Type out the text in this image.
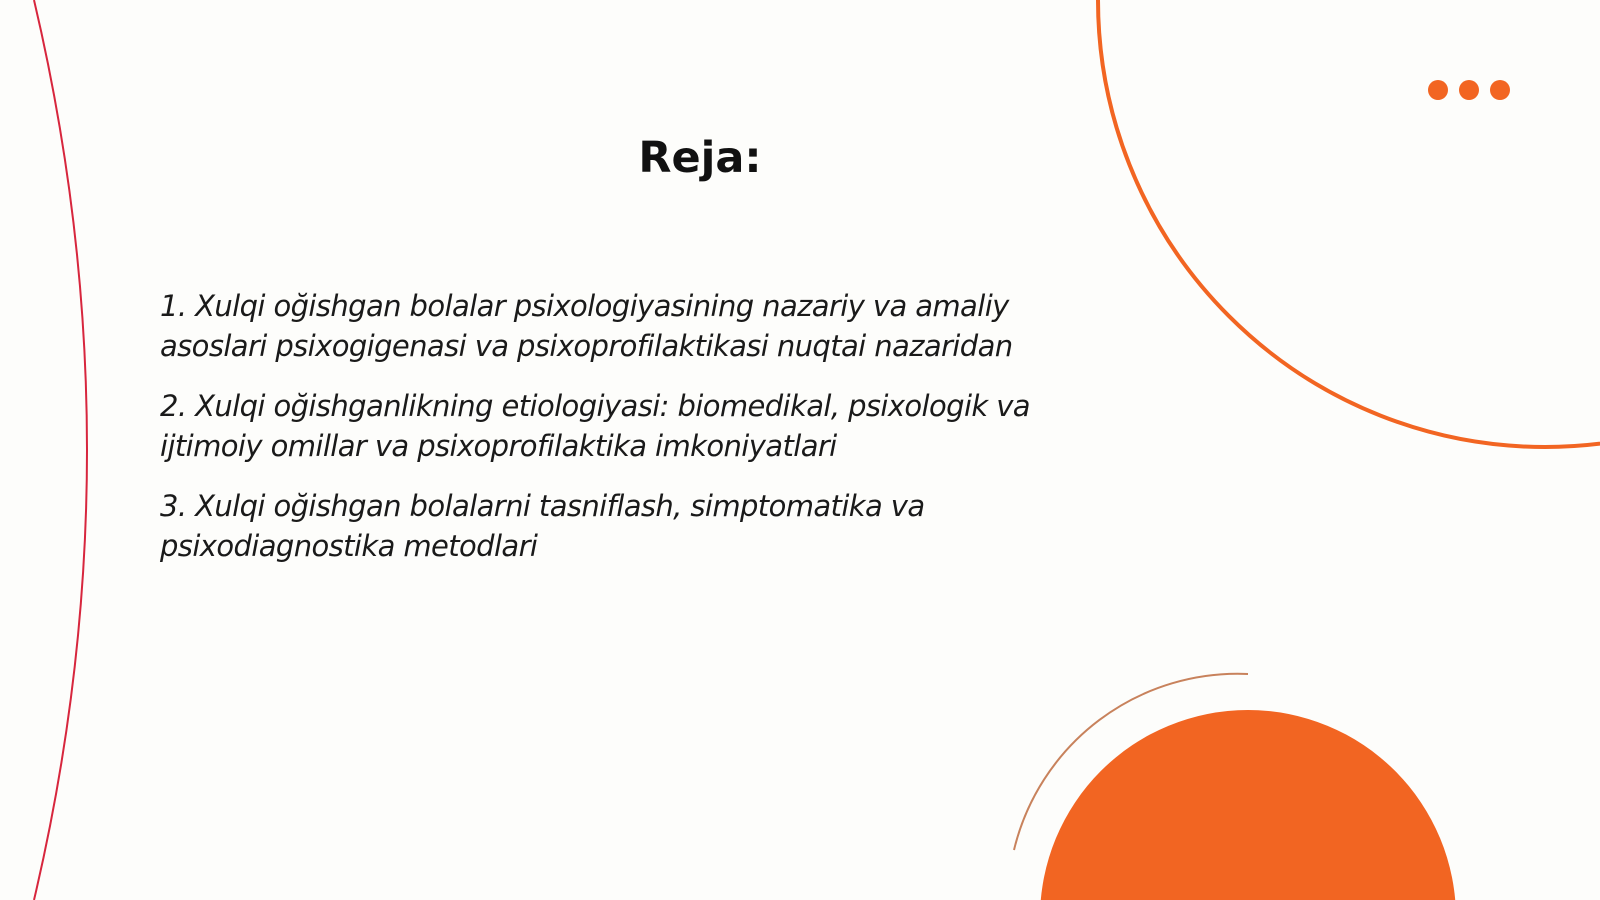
Reja:
1. Xulqi oğishgan bolalar psixologiyasining nazariy va amaliy asoslari psixogigenasi va psixoprofilaktikasi nuqtai nazaridan
2. Xulqi oğishganlikning etiologiyasi: biomedikal, psixologik va ijtimoiy omillar va psixoprofilaktika imkoniyatlari
3. Xulqi oğishgan bolalarni tasniflash, simptomatika va psixodiagnostika metodlari
